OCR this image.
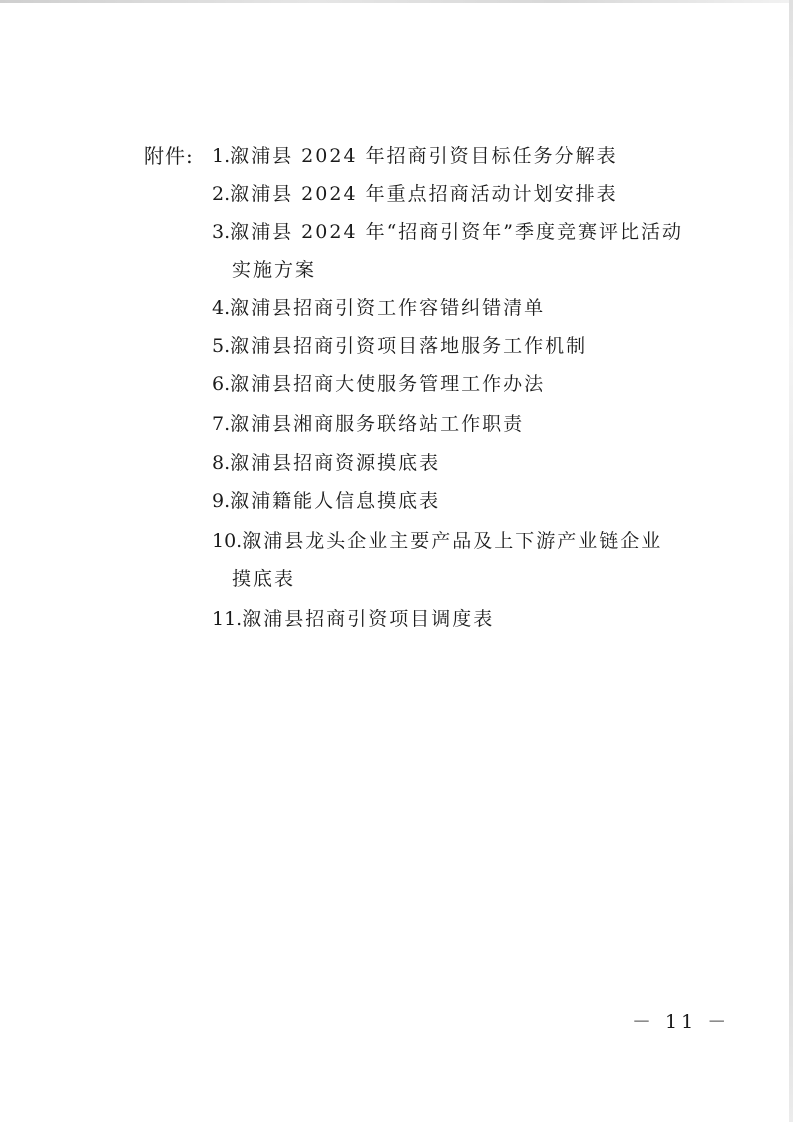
附件: 1.溆浦县 2024 年招商引资目标任务分解表
2.溆浦县 2024 年重点招商活动计划安排表
3.溆浦县 2024 年“招商引资年”季度竞赛评比活动
实施方案
4.溆浦县招商引资工作容错纠错清单
5.溆浦县招商引资项目落地服务工作机制
6.溆浦县招商大使服务管理工作办法
7.溆浦县湘商服务联络站工作职责
8.溆浦县招商资源摸底表
9.溆浦籍能人信息摸底表
10.溆浦县龙头企业主要产品及上下游产业链企业
摸底表
11.溆浦县招商引资项目调度表
－ 11 －
